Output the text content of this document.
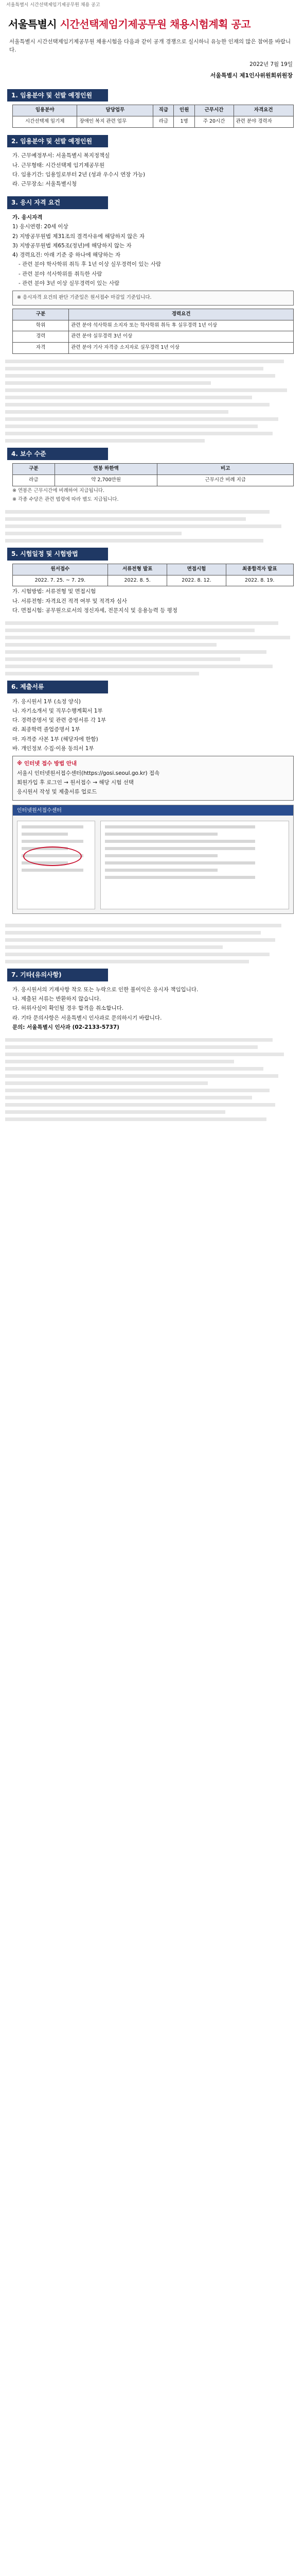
서울특별시 시간선택제임기제공무원 채용 공고
서울특별시 시간선택제임기제공무원 채용시험계획 공고
서울특별시 시간선택제임기제공무원 채용시험을 다음과 같이 공개 경쟁으로 실시하니 유능한 인재의 많은 참여를 바랍니다.
2022년 7월 19일
서울특별시 제1인사위원회위원장
1. 임용분야 및 선발 예정인원
임용분야	담당업무	직급	인원	근무시간	자격요건
시간선택제 임기제	장애인 복지 관련 업무	라급	1명	주 20시간	관련 분야 경력자
2. 임용분야 및 선발 예정인원
가. 근무예정부서: 서울특별시 복지정책실
나. 근무형태: 시간선택제 임기제공무원
다. 임용기간: 임용일로부터 2년 (성과 우수시 연장 가능)
라. 근무장소: 서울특별시청
3. 응시 자격 요건
가. 응시자격
1) 응시연령: 20세 이상
2) 지방공무원법 제31조의 결격사유에 해당하지 않은 자
3) 지방공무원법 제65조(정년)에 해당하지 않는 자
4) 경력요건: 아래 기준 중 하나에 해당하는 자
- 관련 분야 학사학위 취득 후 1년 이상 실무경력이 있는 사람
- 관련 분야 석사학위를 취득한 사람
- 관련 분야 3년 이상 실무경력이 있는 사람
※ 응시자격 요건의 판단 기준일은 원서접수 마감일 기준입니다.
구분	경력요건
학위	관련 분야 석사학위 소지자 또는 학사학위 취득 후 실무경력 1년 이상
경력	관련 분야 실무경력 3년 이상
자격	관련 분야 기사 자격증 소지자로 실무경력 1년 이상
4. 보수 수준
구분	연봉 하한액	비고
라급	약 2,700만원	근무시간 비례 지급
※ 연봉은 근무시간에 비례하여 지급됩니다.
※ 각종 수당은 관련 법령에 따라 별도 지급됩니다.
5. 시험일정 및 시험방법
원서접수	서류전형 발표	면접시험	최종합격자 발표
2022. 7. 25. ~ 7. 29.	2022. 8. 5.	2022. 8. 12.	2022. 8. 19.
가. 시험방법: 서류전형 및 면접시험
나. 서류전형: 자격요건 적격 여부 및 적격자 심사
다. 면접시험: 공무원으로서의 정신자세, 전문지식 및 응용능력 등 평정
6. 제출서류
가. 응시원서 1부 (소정 양식)
나. 자기소개서 및 직무수행계획서 1부
다. 경력증명서 및 관련 증빙서류 각 1부
라. 최종학력 졸업증명서 1부
마. 자격증 사본 1부 (해당자에 한함)
바. 개인정보 수집·이용 동의서 1부
※ 인터넷 접수 방법 안내
서울시 인터넷원서접수센터(https://gosi.seoul.go.kr) 접속
회원가입 후 로그인 → 원서접수 → 해당 시험 선택
응시원서 작성 및 제출서류 업로드
인터넷원서접수센터
7. 기타(유의사항)
가. 응시원서의 기재사항 착오 또는 누락으로 인한 불이익은 응시자 책임입니다.
나. 제출된 서류는 반환하지 않습니다.
다. 허위사실이 확인될 경우 합격을 취소합니다.
라. 기타 문의사항은 서울특별시 인사과로 문의하시기 바랍니다.
문의: 서울특별시 인사과 (02-2133-5737)
